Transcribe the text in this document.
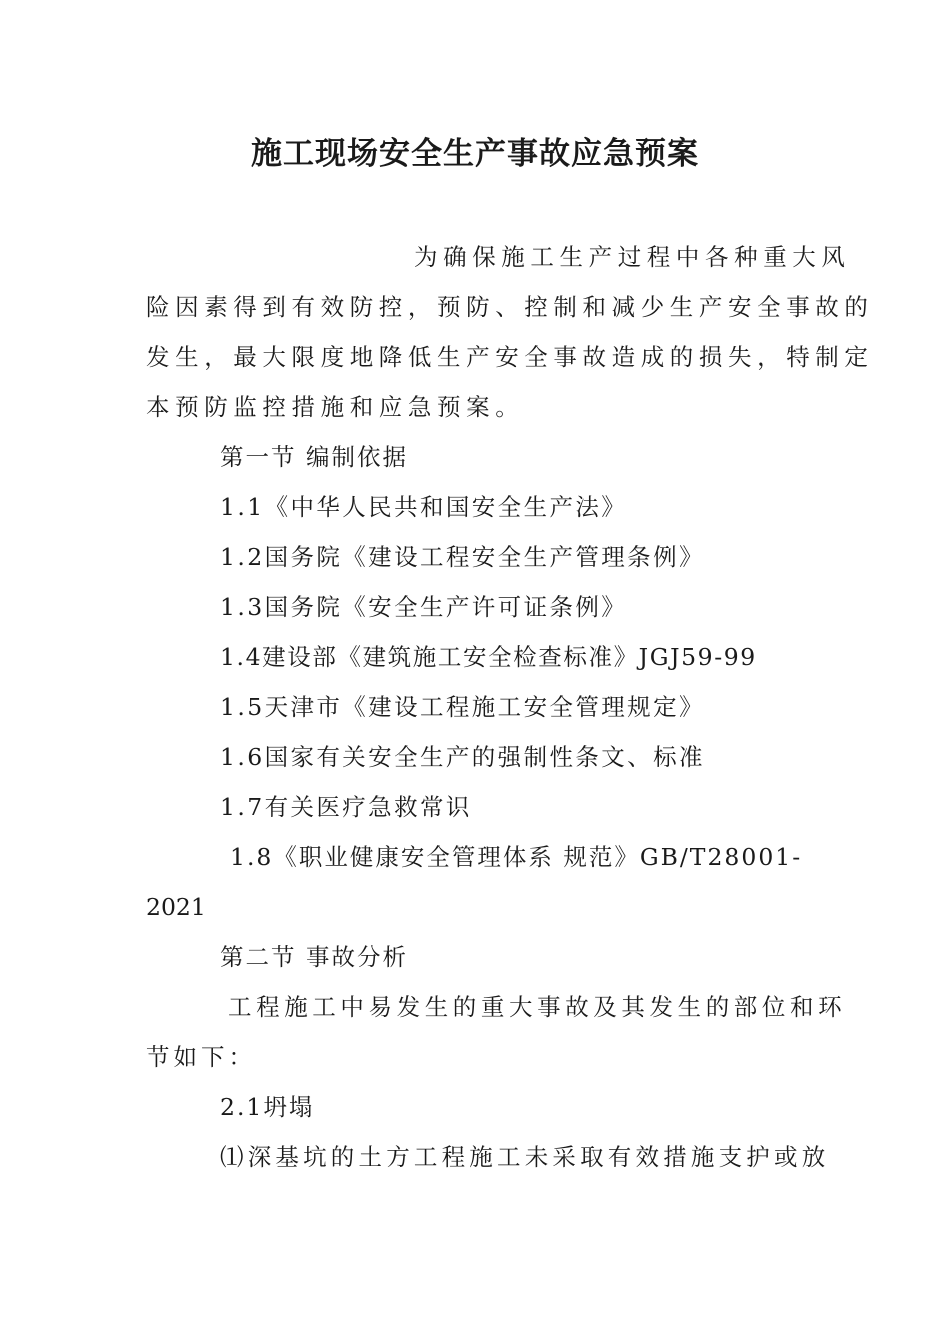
施工现场安全生产事故应急预案

为确保施工生产过程中各种重大风

险因素得到有效防控，预防、控制和减少生产安全事故的

发生，最大限度地降低生产安全事故造成的损失，特制定

本预防监控措施和应急预案。

第一节 编制依据

1.1《中华人民共和国安全生产法》

1.2国务院《建设工程安全生产管理条例》

1.3国务院《安全生产许可证条例》

1.4建设部《建筑施工安全检查标准》JGJ59-99

1.5天津市《建设工程施工安全管理规定》

1.6国家有关安全生产的强制性条文、标准

1.7有关医疗急救常识

1.8《职业健康安全管理体系 规范》GB/T28001-

2021

第二节 事故分析

工程施工中易发生的重大事故及其发生的部位和环

节如下：

2.1坍塌

⑴深基坑的土方工程施工未采取有效措施支护或放
